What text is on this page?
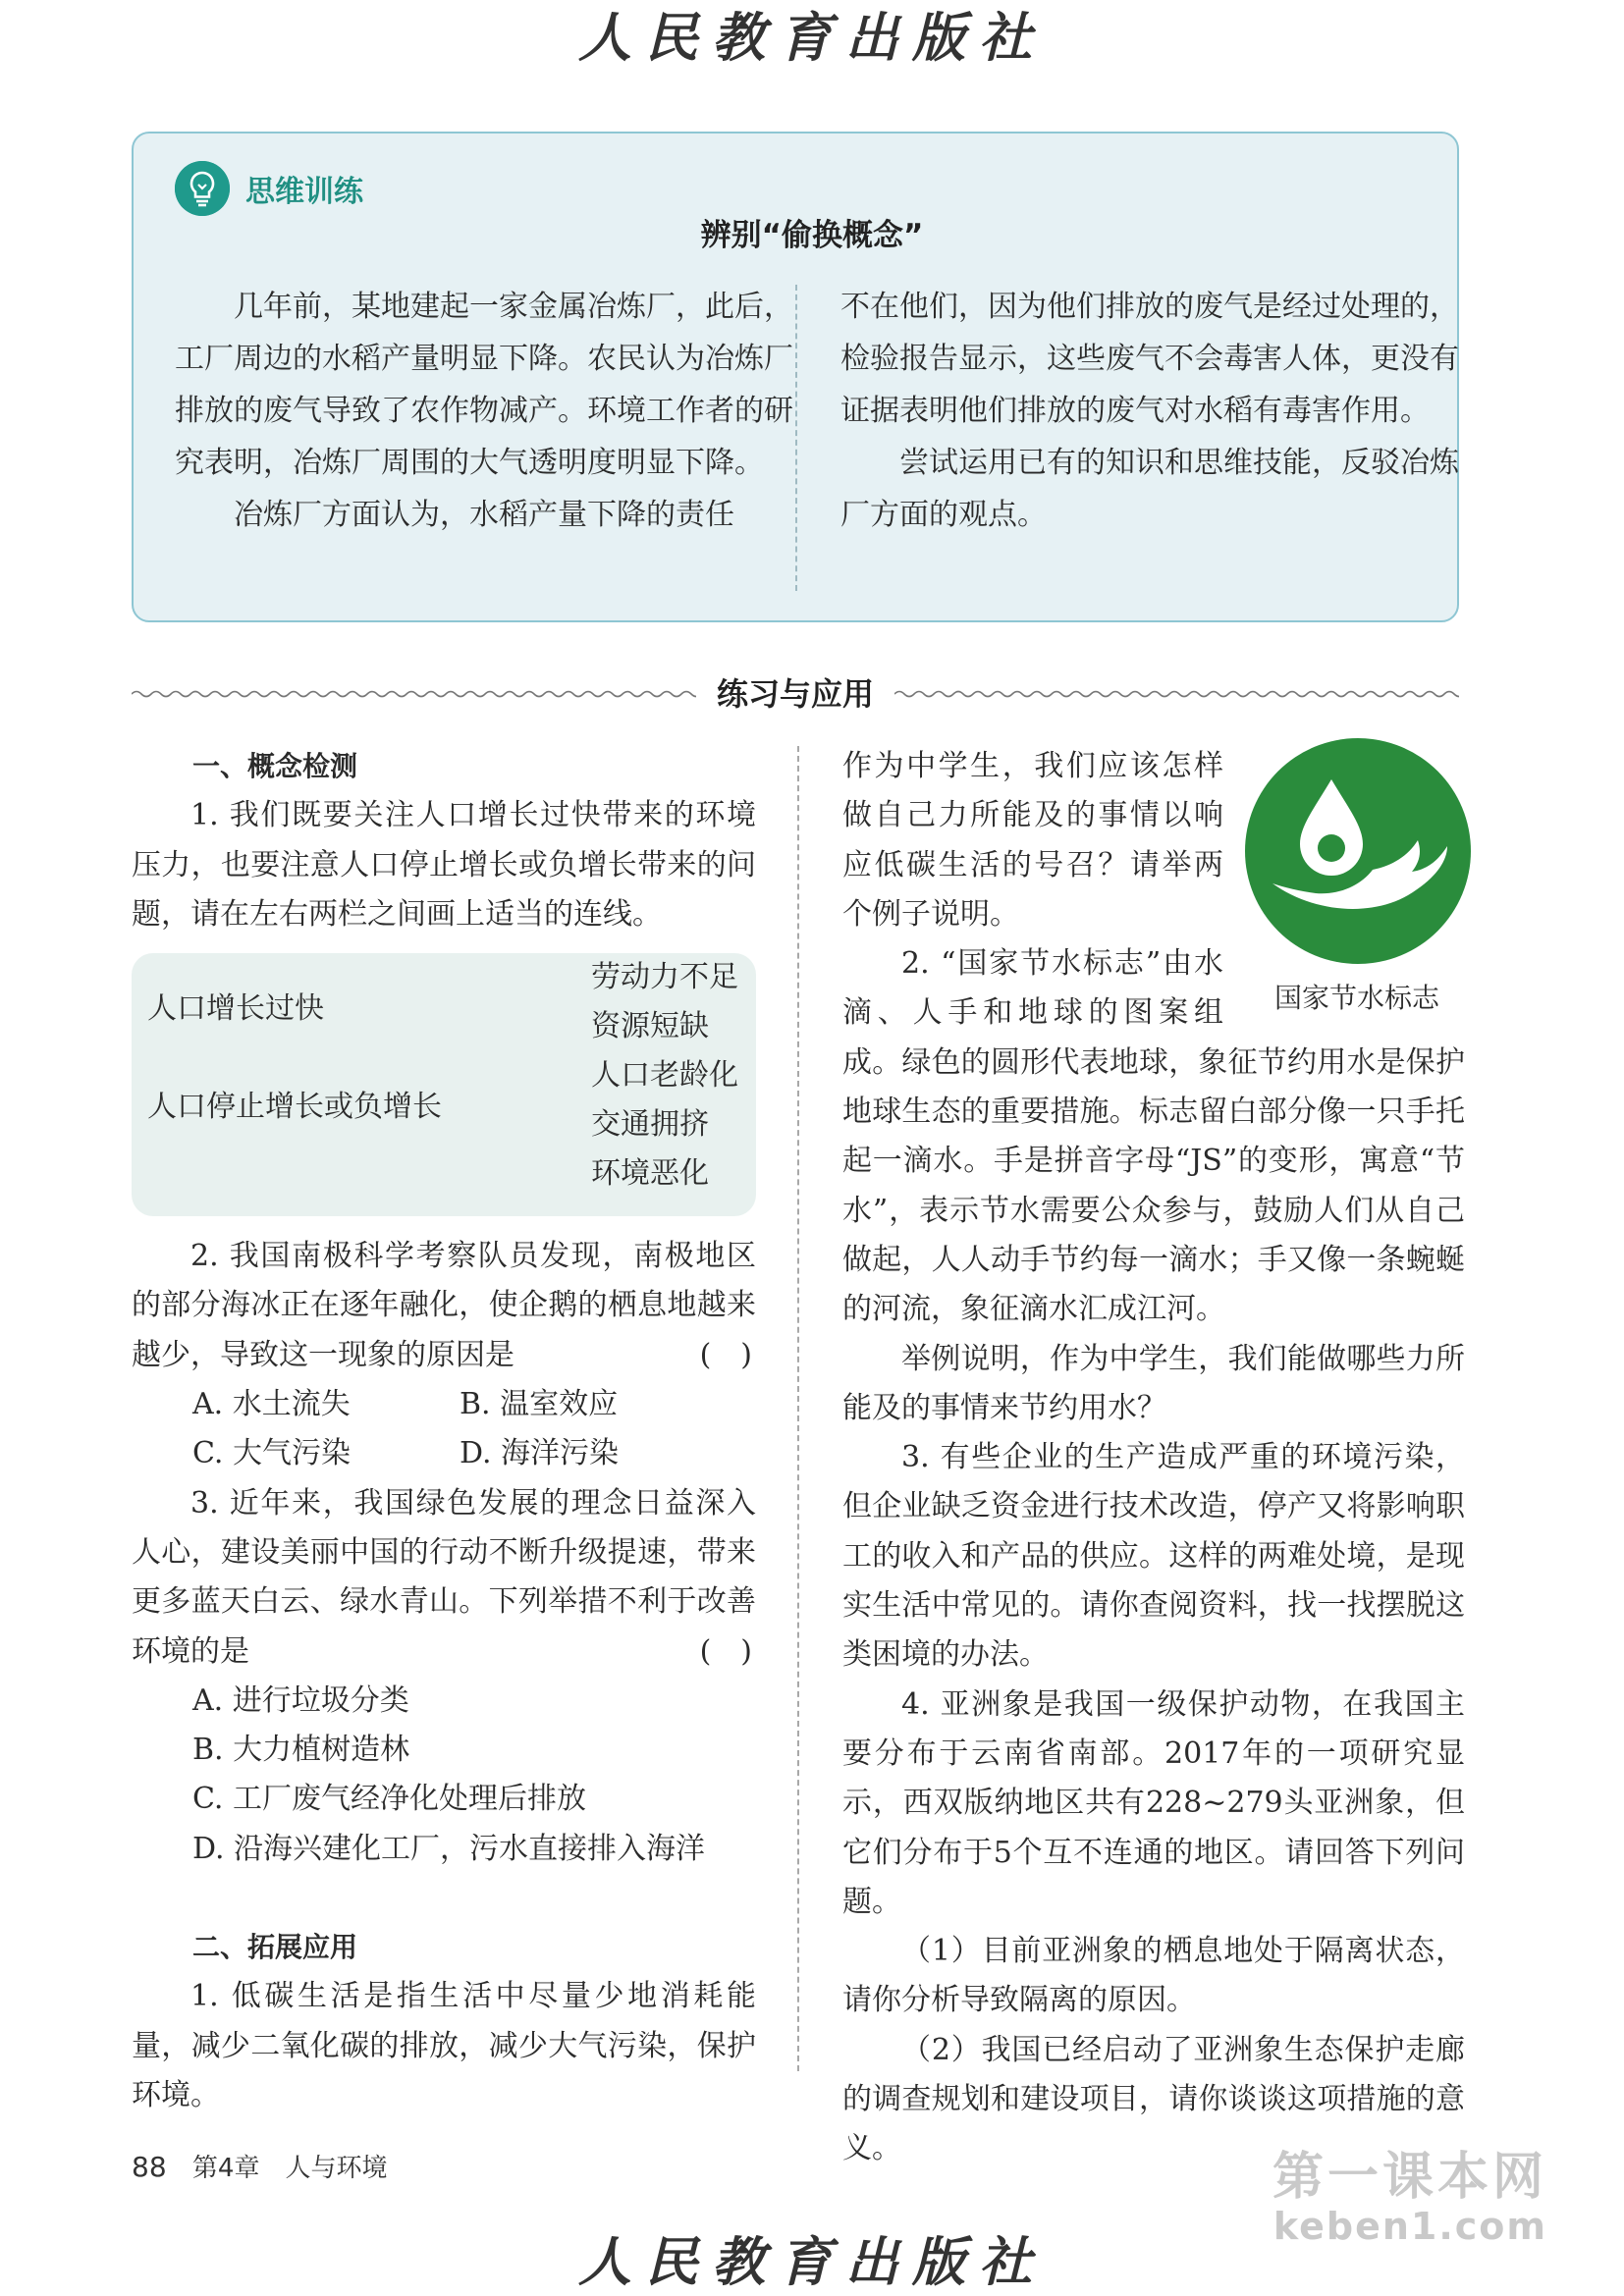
人民教育出版社
思维训练
辨别“偷换概念”

几年前，某地建起一家金属冶炼厂，此后，工厂周边的水稻产量明显下降。农民认为冶炼厂排放的废气导致了农作物减产。环境工作者的研究表明，冶炼厂周围的大气透明度明显下降。

冶炼厂方面认为，水稻产量下降的责任

不在他们，因为他们排放的废气是经过处理的，检验报告显示，这些废气不会毒害人体，更没有证据表明他们排放的废气对水稻有毒害作用。

尝试运用已有的知识和思维技能，反驳冶炼厂方面的观点。

练习与应用

一、概念检测

1. 我们既要关注人口增长过快带来的环境压力，也要注意人口停止增长或负增长带来的问题，请在左右两栏之间画上适当的连线。

人口增长过快
人口停止增长或负增长
劳动力不足
资源短缺
人口老龄化
交通拥挤
环境恶化

2. 我国南极科学考察队员发现，南极地区的部分海冰正在逐年融化，使企鹅的栖息地越来越少，导致这一现象的原因是	(　)

A. 水土流失	B. 温室效应

C. 大气污染	D. 海洋污染

3. 近年来，我国绿色发展的理念日益深入人心，建设美丽中国的行动不断升级提速，带来更多蓝天白云、绿水青山。下列举措不利于改善环境的是	(　)

A. 进行垃圾分类

B. 大力植树造林

C. 工厂废气经净化处理后排放

D. 沿海兴建化工厂，污水直接排入海洋

二、拓展应用

1. 低碳生活是指生活中尽量少地消耗能量，减少二氧化碳的排放，减少大气污染，保护环境。

国家节水标志

作为中学生，我们应该怎样做自己力所能及的事情以响应低碳生活的号召？请举两个例子说明。

2. “国家节水标志”由水滴、人手和地球的图案组成。绿色的圆形代表地球，象征节约用水是保护地球生态的重要措施。标志留白部分像一只手托起一滴水。手是拼音字母“JS”的变形，寓意“节水”，表示节水需要公众参与，鼓励人们从自己做起，人人动手节约每一滴水；手又像一条蜿蜒的河流，象征滴水汇成江河。

举例说明，作为中学生，我们能做哪些力所能及的事情来节约用水？

3. 有些企业的生产造成严重的环境污染，但企业缺乏资金进行技术改造，停产又将影响职工的收入和产品的供应。这样的两难处境，是现实生活中常见的。请你查阅资料，找一找摆脱这类困境的办法。

4. 亚洲象是我国一级保护动物，在我国主要分布于云南省南部。2017年的一项研究显示，西双版纳地区共有228~279头亚洲象，但它们分布于5个互不连通的地区。请回答下列问题。

（1）目前亚洲象的栖息地处于隔离状态，请你分析导致隔离的原因。

（2）我国已经启动了亚洲象生态保护走廊的调查规划和建设项目，请你谈谈这项措施的意义。

88 第4章　人与环境	第一课本网
keben1.com
人民教育出版社
